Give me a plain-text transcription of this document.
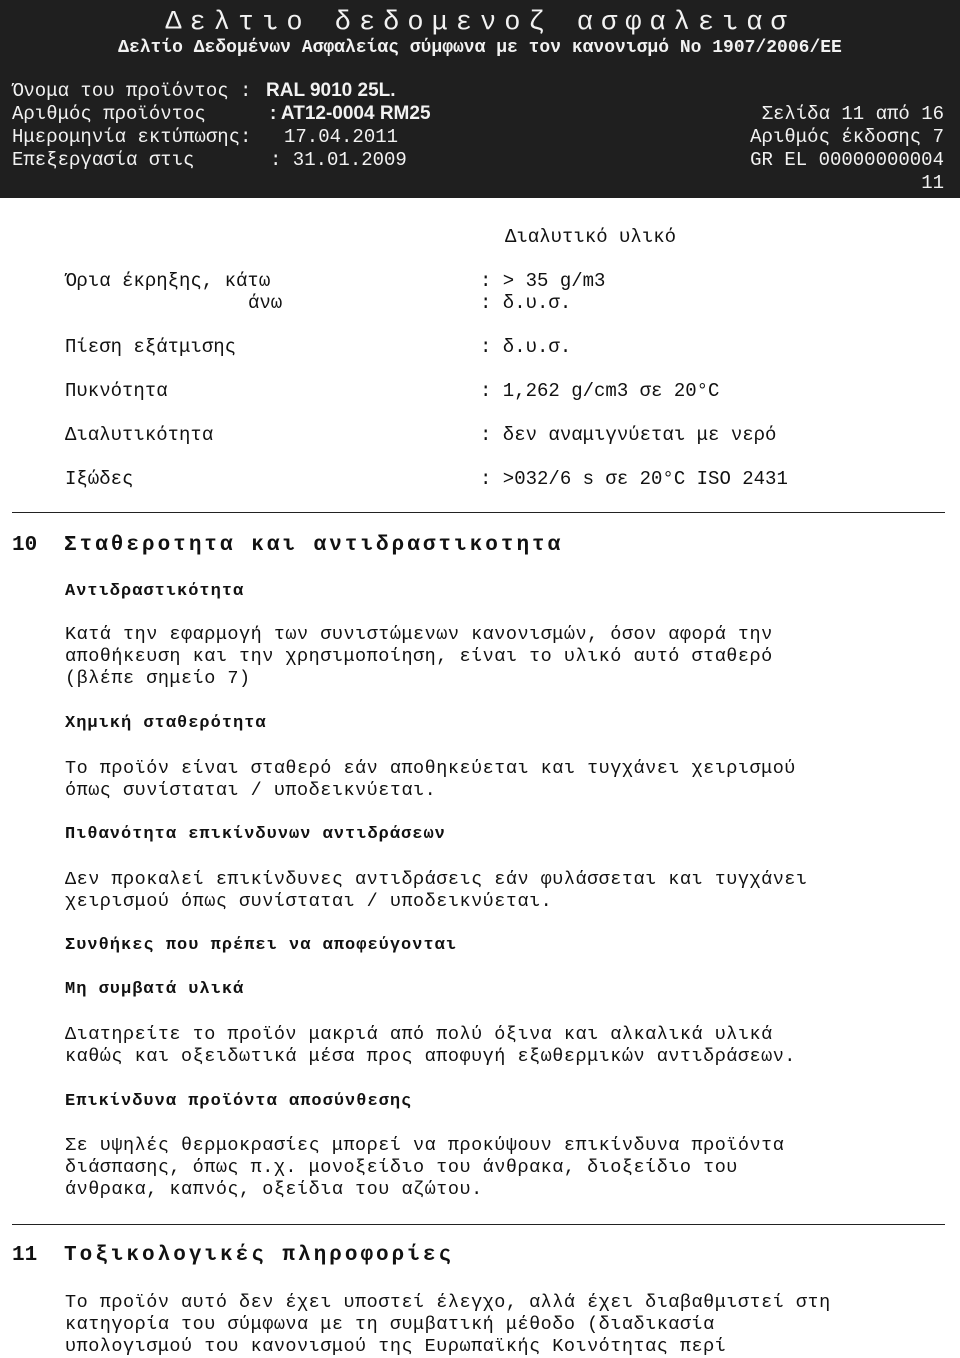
Δελτιο δεδομενοζ ασφαλειασ
Δελτίο Δεδομένων Ασφαλείας σύμφωνα με τον κανονισμό No 1907/2006/ΕΕ
Όνομα του προϊόντος : RAL 9010 25L.
Αριθμός προϊόντος	: AT12-0004 RM25	Σελίδα 11 από 16
Ημερομηνία εκτύπωσης: 17.04.2011	Αριθμός έκδοσης 7
Επεξεργασία στις	: 31.01.2009	GR EL 00000000004
11
Διαλυτικό υλικό
Όρια έκρηξης, κάτω	: > 35 g/m3
άνω	: δ.υ.σ.
Πίεση εξάτμισης	: δ.υ.σ.
Πυκνότητα	: 1,262 g/cm3 σε 20°C
Διαλυτικότητα	: δεν αναμιγνύεται με νερό
Ιξώδες	: >032/6 s σε 20°C ISO 2431
10 Σταθεροτητα και αντιδραστικοτητα
Αντιδραστικότητα
Κατά την εφαρμογή των συνιστώμενων κανονισμών, όσον αφορά την
αποθήκευση και την χρησιμοποίηση, είναι το υλικό αυτό σταθερό
(βλέπε σημείο 7)
Χημική σταθερότητα
Το προϊόν είναι σταθερό εάν αποθηκεύεται και τυγχάνει χειρισμού
όπως συνίσταται / υποδεικνύεται.
Πιθανότητα επικίνδυνων αντιδράσεων
Δεν προκαλεί επικίνδυνες αντιδράσεις εάν φυλάσσεται και τυγχάνει
χειρισμού όπως συνίσταται / υποδεικνύεται.
Συνθήκες που πρέπει να αποφεύγονται
Μη συμβατά υλικά
Διατηρείτε το προϊόν μακριά από πολύ όξινα και αλκαλικά υλικά
καθώς και οξειδωτικά μέσα προς αποφυγή εξωθερμικών αντιδράσεων.
Επικίνδυνα προϊόντα αποσύνθεσης
Σε υψηλές θερμοκρασίες μπορεί να προκύψουν επικίνδυνα προϊόντα
διάσπασης, όπως π.χ. μονοξείδιο του άνθρακα, διοξείδιο του
άνθρακα, καπνός, οξείδια του αζώτου.
11 Τοξικολογικές πληροφορίες
Το προϊόν αυτό δεν έχει υποστεί έλεγχο, αλλά έχει διαβαθμιστεί στη
κατηγορία του σύμφωνα με τη συμβατική μέθοδο (διαδικασία
υπολογισμού του κανονισμού της Ευρωπαϊκής Κοινότητας περί
